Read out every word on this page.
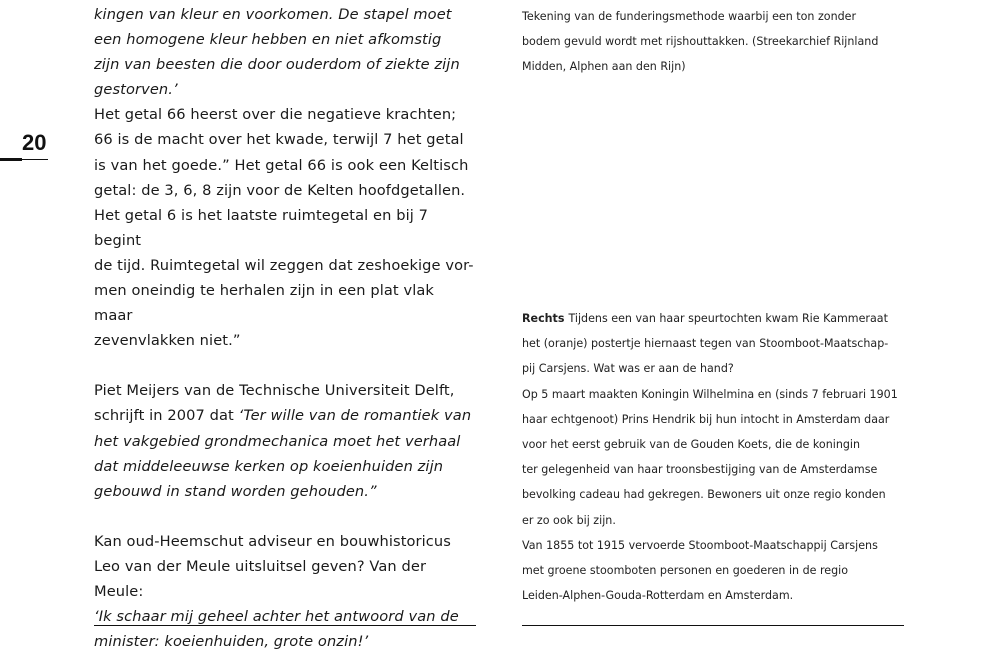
20

kingen van kleur en voorkomen. De stapel moet

een homogene kleur hebben en niet afkomstig

zijn van beesten die door ouderdom of ziekte zijn

gestorven.’

Het getal 66 heerst over die negatieve krachten;

66 is de macht over het kwade, terwijl 7 het getal

is van het goede.” Het getal 66 is ook een Keltisch

getal: de 3, 6, 8 zijn voor de Kelten hoofdgetallen.

Het getal 6 is het laatste ruimtegetal en bij 7 begint

de tijd. Ruimtegetal wil zeggen dat zeshoekige vor-

men oneindig te herhalen zijn in een plat vlak maar

zevenvlakken niet.”

Piet Meijers van de Technische Universiteit Delft,

schrijft in 2007 dat ‘Ter wille van de romantiek van

het vakgebied grondmechanica moet het verhaal

dat middeleeuwse kerken op koeienhuiden zijn

gebouwd in stand worden gehouden.”

Kan oud-Heemschut adviseur en bouwhistoricus

Leo van der Meule uitsluitsel geven? Van der Meule:

‘Ik schaar mij geheel achter het antwoord van de

minister: koeienhuiden, grote onzin!’

Tekening van de funderingsmethode waarbij een ton zonder

bodem gevuld wordt met rijshouttakken. (Streekarchief Rijnland

Midden, Alphen aan den Rijn)

Rechts Tijdens een van haar speurtochten kwam Rie Kammeraat

het (oranje) postertje hiernaast tegen van Stoomboot-Maatschap-

pij Carsjens. Wat was er aan de hand?

Op 5 maart maakten Koningin Wilhelmina en (sinds 7 februari 1901

haar echtgenoot) Prins Hendrik bij hun intocht in Amsterdam daar

voor het eerst gebruik van de Gouden Koets, die de koningin

ter gelegenheid van haar troonsbestijging van de Amsterdamse

bevolking cadeau had gekregen. Bewoners uit onze regio konden

er zo ook bij zijn.

Van 1855 tot 1915 vervoerde Stoomboot-Maatschappij Carsjens

met groene stoomboten personen en goederen in de regio

Leiden-Alphen-Gouda-Rotterdam en Amsterdam.
